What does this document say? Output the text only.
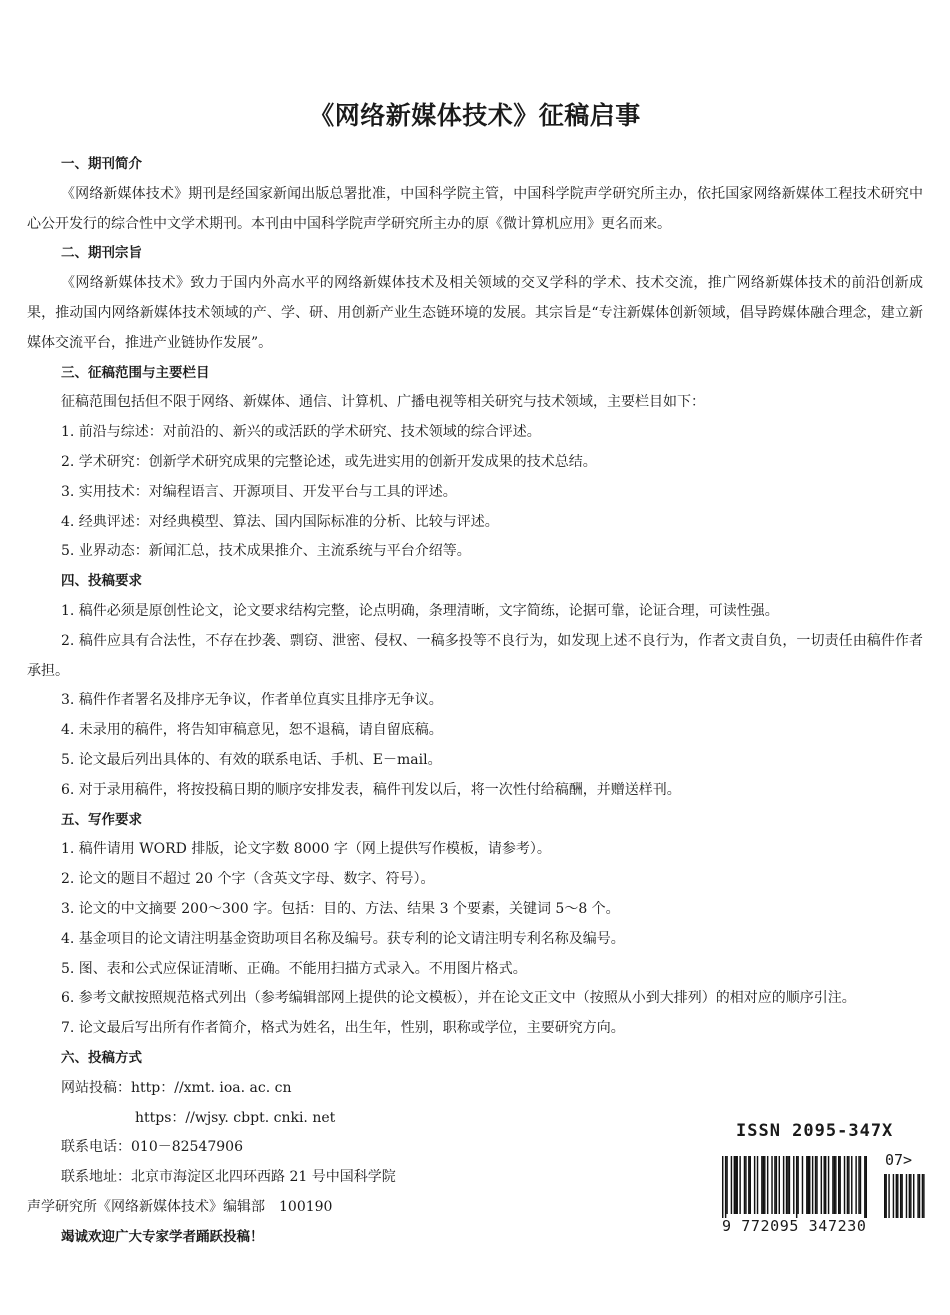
《网络新媒体技术》征稿启事

一、期刊简介

《网络新媒体技术》期刊是经国家新闻出版总署批准，中国科学院主管，中国科学院声学研究所主办，依托国家网络新媒体工程技术研究中心公开发行的综合性中文学术期刊。本刊由中国科学院声学研究所主办的原《微计算机应用》更名而来。

二、期刊宗旨

《网络新媒体技术》致力于国内外高水平的网络新媒体技术及相关领域的交叉学科的学术、技术交流，推广网络新媒体技术的前沿创新成果，推动国内网络新媒体技术领域的产、学、研、用创新产业生态链环境的发展。其宗旨是“专注新媒体创新领域，倡导跨媒体融合理念，建立新媒体交流平台，推进产业链协作发展”。

三、征稿范围与主要栏目

征稿范围包括但不限于网络、新媒体、通信、计算机、广播电视等相关研究与技术领域，主要栏目如下：

1. 前沿与综述：对前沿的、新兴的或活跃的学术研究、技术领域的综合评述。

2. 学术研究：创新学术研究成果的完整论述，或先进实用的创新开发成果的技术总结。

3. 实用技术：对编程语言、开源项目、开发平台与工具的评述。

4. 经典评述：对经典模型、算法、国内国际标准的分析、比较与评述。

5. 业界动态：新闻汇总，技术成果推介、主流系统与平台介绍等。

四、投稿要求

1. 稿件必须是原创性论文，论文要求结构完整，论点明确，条理清晰，文字简练，论据可靠，论证合理，可读性强。

2. 稿件应具有合法性，不存在抄袭、剽窃、泄密、侵权、一稿多投等不良行为，如发现上述不良行为，作者文责自负，一切责任由稿件作者承担。

3. 稿件作者署名及排序无争议，作者单位真实且排序无争议。

4. 未录用的稿件，将告知审稿意见，恕不退稿，请自留底稿。

5. 论文最后列出具体的、有效的联系电话、手机、E－mail。

6. 对于录用稿件，将按投稿日期的顺序安排发表，稿件刊发以后，将一次性付给稿酬，并赠送样刊。

五、写作要求

1. 稿件请用 WORD 排版，论文字数 8000 字（网上提供写作模板，请参考）。

2. 论文的题目不超过 20 个字（含英文字母、数字、符号）。

3. 论文的中文摘要 200～300 字。包括：目的、方法、结果 3 个要素，关键词 5～8 个。

4. 基金项目的论文请注明基金资助项目名称及编号。获专利的论文请注明专利名称及编号。

5. 图、表和公式应保证清晰、正确。不能用扫描方式录入。不用图片格式。

6. 参考文献按照规范格式列出（参考编辑部网上提供的论文模板），并在论文正文中（按照从小到大排列）的相对应的顺序引注。

7. 论文最后写出所有作者简介，格式为姓名，出生年，性别，职称或学位，主要研究方向。

六、投稿方式

网站投稿：http：//xmt. ioa. ac. cn

https：//wjsy. cbpt. cnki. net

联系电话：010－82547906

联系地址：北京市海淀区北四环西路 21 号中国科学院

声学研究所《网络新媒体技术》编辑部　100190

竭诚欢迎广大专家学者踊跃投稿！

ISSN 2095-347X
9 772095 347230
07>
